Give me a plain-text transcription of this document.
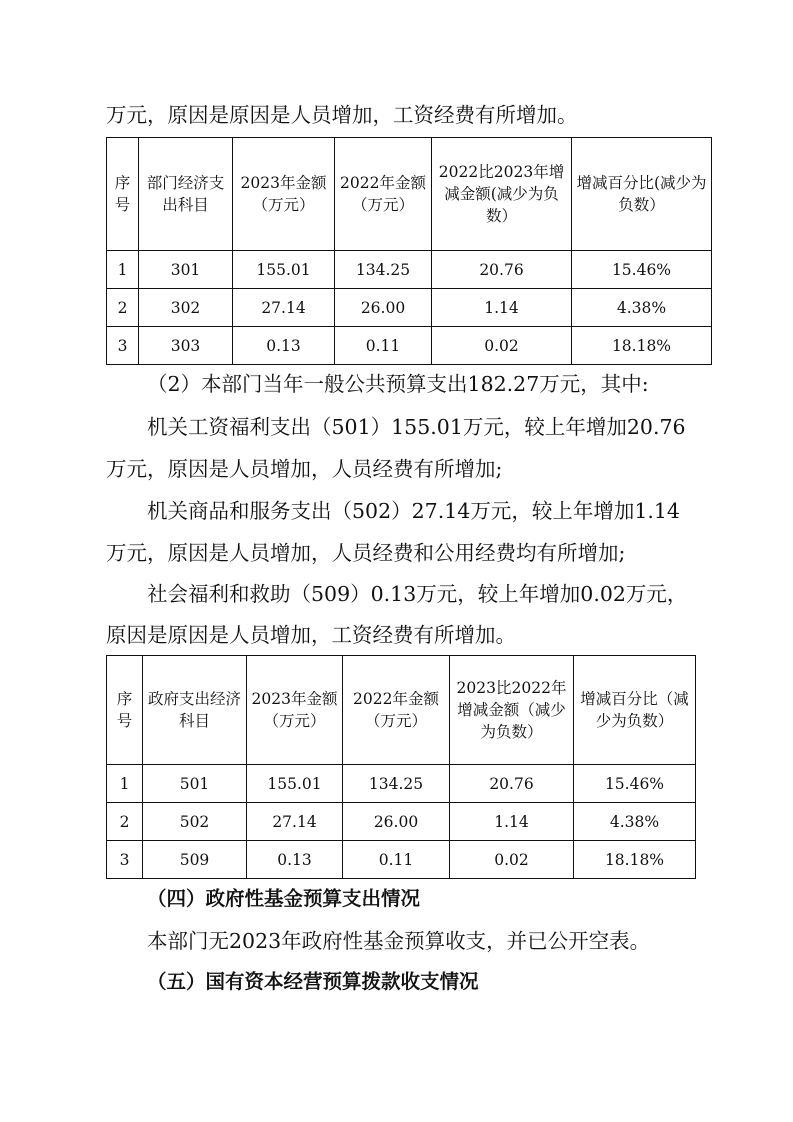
万元，原因是原因是人员增加，工资经费有所增加。
序号	部门经济支出科目	2023年金额（万元）	2022年金额（万元）	2022比2023年增减金额(减少为负数）	增减百分比(减少为负数）
1	301	155.01	134.25	20.76	15.46%
2	302	27.14	26.00	1.14	4.38%
3	303	0.13	0.11	0.02	18.18%
（2）本部门当年一般公共预算支出182.27万元，其中:
机关工资福利支出（501）155.01万元，较上年增加20.76
万元，原因是人员增加，人员经费有所增加;
机关商品和服务支出（502）27.14万元，较上年增加1.14
万元，原因是人员增加，人员经费和公用经费均有所增加;
社会福利和救助（509）0.13万元，较上年增加0.02万元，
原因是原因是人员增加，工资经费有所增加。
序号	政府支出经济科目	2023年金额（万元）	2022年金额（万元）	2023比2022年增减金额（减少为负数）	增减百分比（减少为负数）
1	501	155.01	134.25	20.76	15.46%
2	502	27.14	26.00	1.14	4.38%
3	509	0.13	0.11	0.02	18.18%
（四）政府性基金预算支出情况
本部门无2023年政府性基金预算收支，并已公开空表。
（五）国有资本经营预算拨款收支情况
